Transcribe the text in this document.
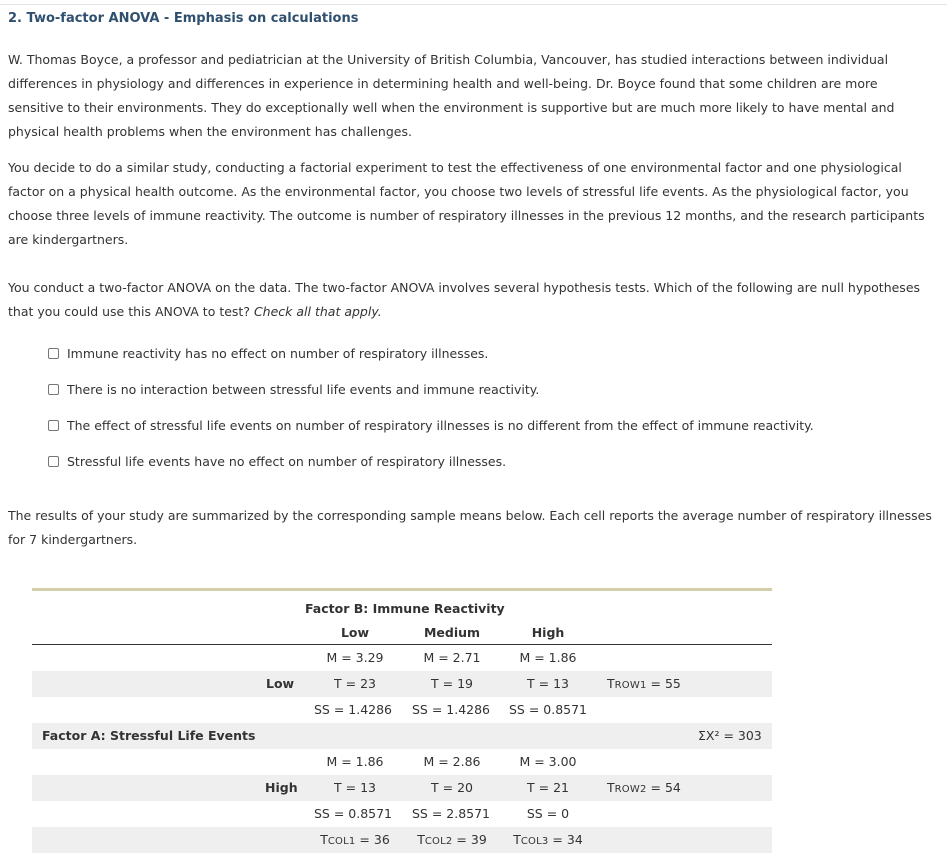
2. Two-factor ANOVA - Emphasis on calculations

W. Thomas Boyce, a professor and pediatrician at the University of British Columbia, Vancouver, has studied interactions between individual differences in physiology and differences in experience in determining health and well-being. Dr. Boyce found that some children are more sensitive to their environments. They do exceptionally well when the environment is supportive but are much more likely to have mental and physical health problems when the environment has challenges.

You decide to do a similar study, conducting a factorial experiment to test the effectiveness of one environmental factor and one physiological factor on a physical health outcome. As the environmental factor, you choose two levels of stressful life events. As the physiological factor, you choose three levels of immune reactivity. The outcome is number of respiratory illnesses in the previous 12 months, and the research participants are kindergartners.

You conduct a two-factor ANOVA on the data. The two-factor ANOVA involves several hypothesis tests. Which of the following are null hypotheses that you could use this ANOVA to test? Check all that apply.

Immune reactivity has no effect on number of respiratory illnesses.
There is no interaction between stressful life events and immune reactivity.
The effect of stressful life events on number of respiratory illnesses is no different from the effect of immune reactivity.
Stressful life events have no effect on number of respiratory illnesses.

The results of your study are summarized by the corresponding sample means below. Each cell reports the average number of respiratory illnesses for 7 kindergartners.

Factor B: Immune Reactivity
Low	Medium	High
M = 3.29	M = 2.71	M = 1.86
Low	T = 23	T = 19	T = 13	TROW1 = 55
SS = 1.4286 SS = 1.4286 SS = 0.8571
Factor A: Stressful Life Events	ΣX² = 303
M = 1.86	M = 2.86	M = 3.00
High	T = 13	T = 20	T = 21	TROW2 = 54
SS = 0.8571 SS = 2.8571	SS = 0
TCOL1 = 36 TCOL2 = 39 TCOL3 = 34
